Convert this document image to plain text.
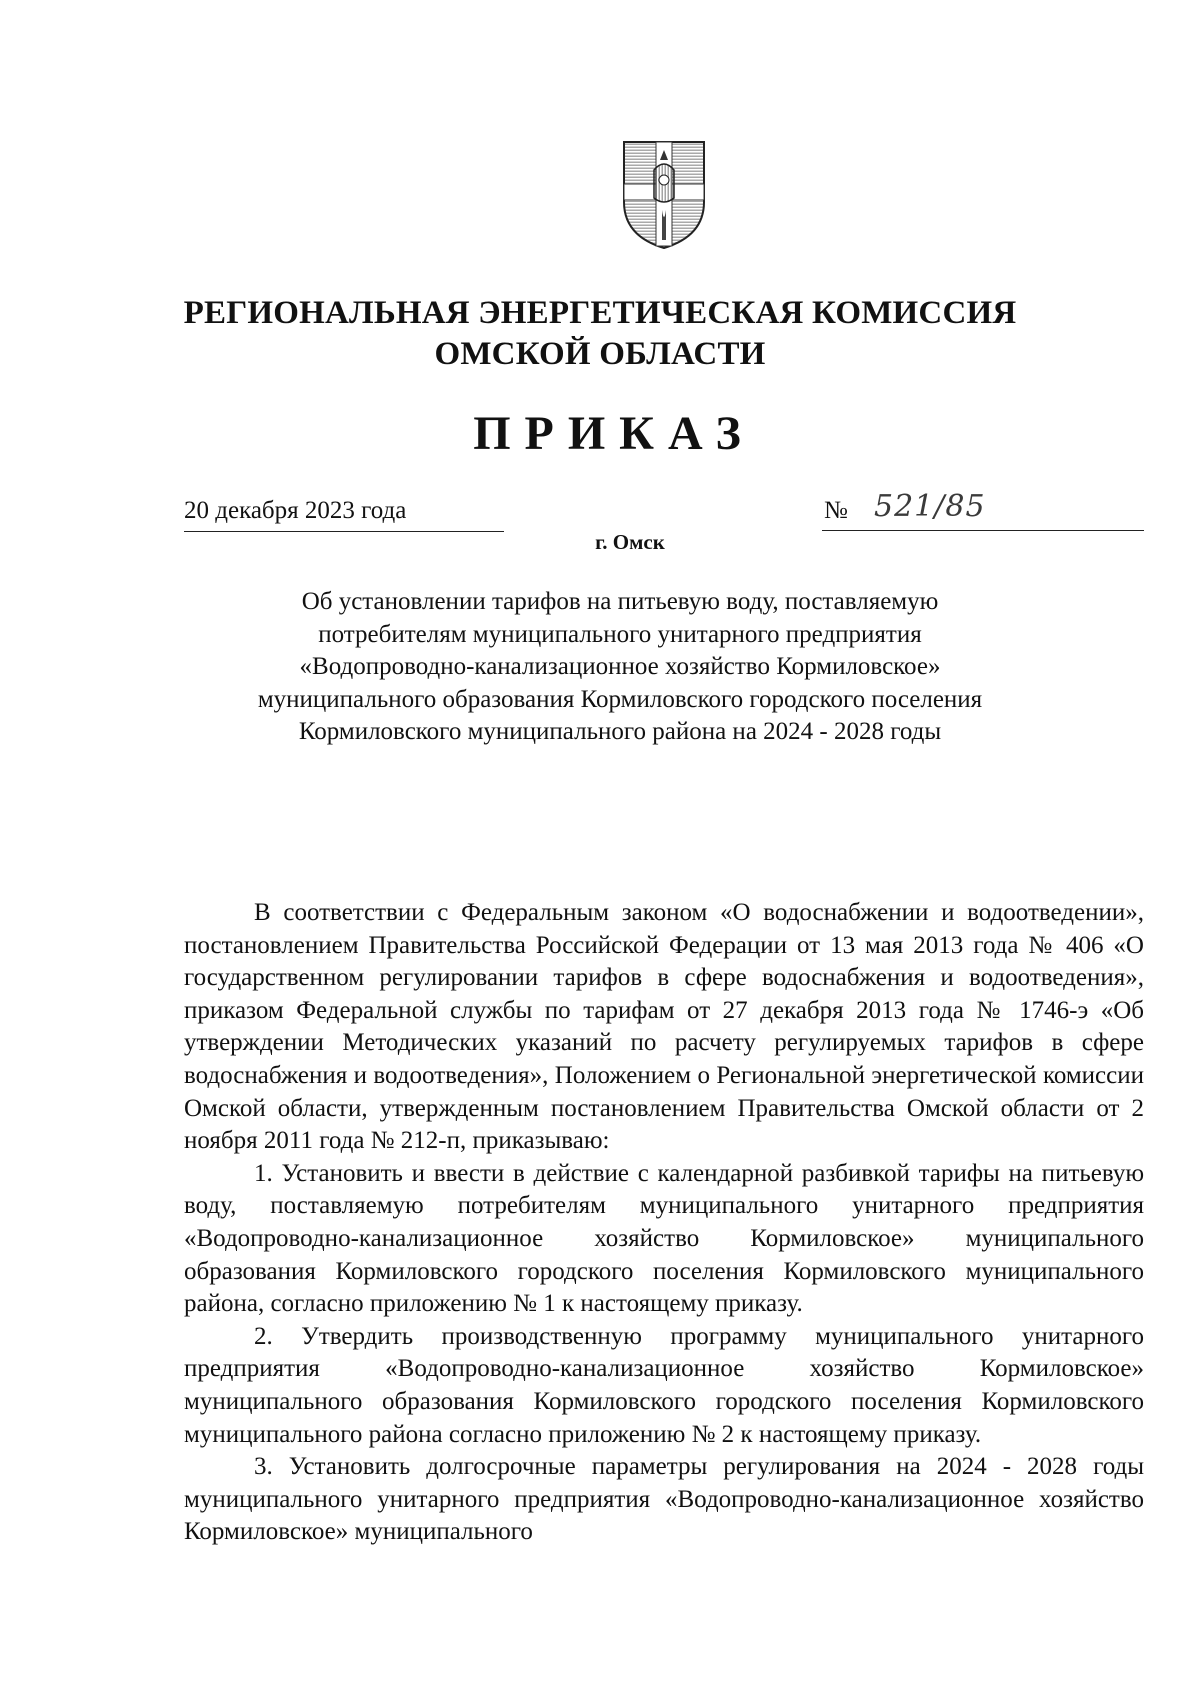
РЕГИОНАЛЬНАЯ ЭНЕРГЕТИЧЕСКАЯ КОМИССИЯ
ОМСКОЙ ОБЛАСТИ
ПРИКАЗ
20 декабря 2023 года	№ 521/85
г. Омск
Об установлении тарифов на питьевую воду, поставляемую
потребителям муниципального унитарного предприятия
«Водопроводно-канализационное хозяйство Кормиловское»
муниципального образования Кормиловского городского поселения
Кормиловского муниципального района на 2024 - 2028 годы

В соответствии с Федеральным законом «О водоснабжении и водоотведении», постановлением Правительства Российской Федерации от 13 мая 2013 года № 406 «О государственном регулировании тарифов в сфере водоснабжения и водоотведения», приказом Федеральной службы по тарифам от 27 декабря 2013 года № 1746-э «Об утверждении Методических указаний по расчету регулируемых тарифов в сфере водоснабжения и водоотведения», Положением о Региональной энергетической комиссии Омской области, утвержденным постановлением Правительства Омской области от 2 ноября 2011 года № 212-п, приказываю:

1. Установить и ввести в действие с календарной разбивкой тарифы на питьевую воду, поставляемую потребителям муниципального унитарного предприятия «Водопроводно-канализационное хозяйство Кормиловское» муниципального образования Кормиловского городского поселения Кормиловского муниципального района, согласно приложению № 1 к настоящему приказу.

2. Утвердить производственную программу муниципального унитарного предприятия «Водопроводно-канализационное хозяйство Кормиловское» муниципального образования Кормиловского городского поселения Кормиловского муниципального района согласно приложению № 2 к настоящему приказу.

3. Установить долгосрочные параметры регулирования на 2024 - 2028 годы муниципального унитарного предприятия «Водопроводно-канализационное хозяйство Кормиловское» муниципального
